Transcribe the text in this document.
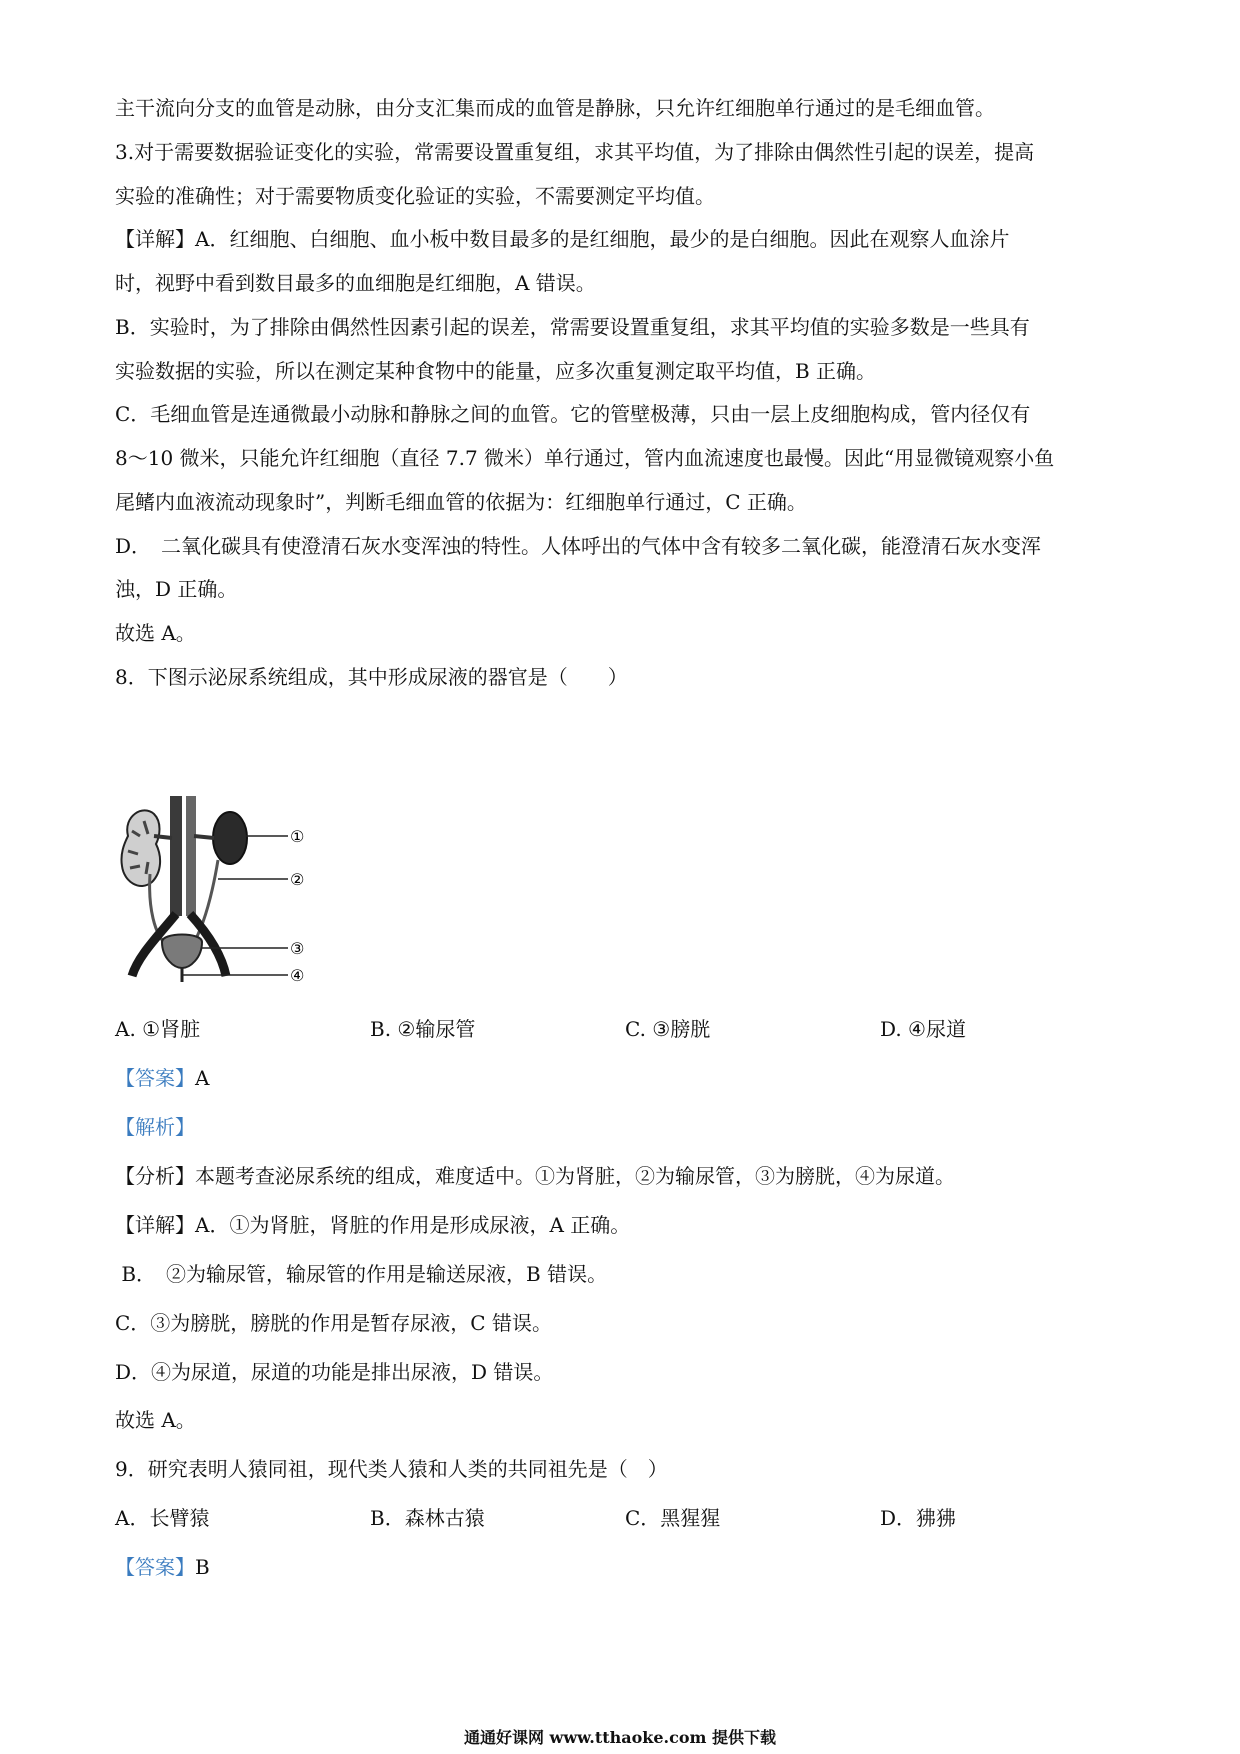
主干流向分支的血管是动脉，由分支汇集而成的血管是静脉，只允许红细胞单行通过的是毛细血管。
3.对于需要数据验证变化的实验，常需要设置重复组，求其平均值，为了排除由偶然性引起的误差，提高
实验的准确性；对于需要物质变化验证的实验，不需要测定平均值。
【详解】A．红细胞、白细胞、血小板中数目最多的是红细胞，最少的是白细胞。因此在观察人血涂片
时，视野中看到数目最多的血细胞是红细胞，A 错误。
B．实验时，为了排除由偶然性因素引起的误差，常需要设置重复组，求其平均值的实验多数是一些具有
实验数据的实验，所以在测定某种食物中的能量，应多次重复测定取平均值，B 正确。
C．毛细血管是连通微最小动脉和静脉之间的血管。它的管壁极薄，只由一层上皮细胞构成，管内径仅有
8～10 微米，只能允许红细胞（直径 7.7 微米）单行通过，管内血流速度也最慢。因此“用显微镜观察小鱼
尾鳍内血液流动现象时”，判断毛细血管的依据为：红细胞单行通过，C 正确。
D．　二氧化碳具有使澄清石灰水变浑浊的特性。人体呼出的气体中含有较多二氧化碳，能澄清石灰水变浑
浊，D 正确。
故选 A。
8．下图示泌尿系统组成，其中形成尿液的器官是（　　）
①
②
③
④
A. ①肾脏	B. ②输尿管	C. ③膀胱	D. ④尿道
【答案】A
【解析】
【分析】本题考查泌尿系统的组成，难度适中。①为肾脏，②为输尿管，③为膀胱，④为尿道。
【详解】A．①为肾脏，肾脏的作用是形成尿液，A 正确。
B．　②为输尿管，输尿管的作用是输送尿液，B 错误。
C．③为膀胱，膀胱的作用是暂存尿液，C 错误。
D．④为尿道，尿道的功能是排出尿液，D 错误。
故选 A。
9．研究表明人猿同祖，现代类人猿和人类的共同祖先是（　）
A．长臂猿	B．森林古猿	C．黑猩猩	D．狒狒
【答案】B
通通好课网 www.tthaoke.com 提供下载
